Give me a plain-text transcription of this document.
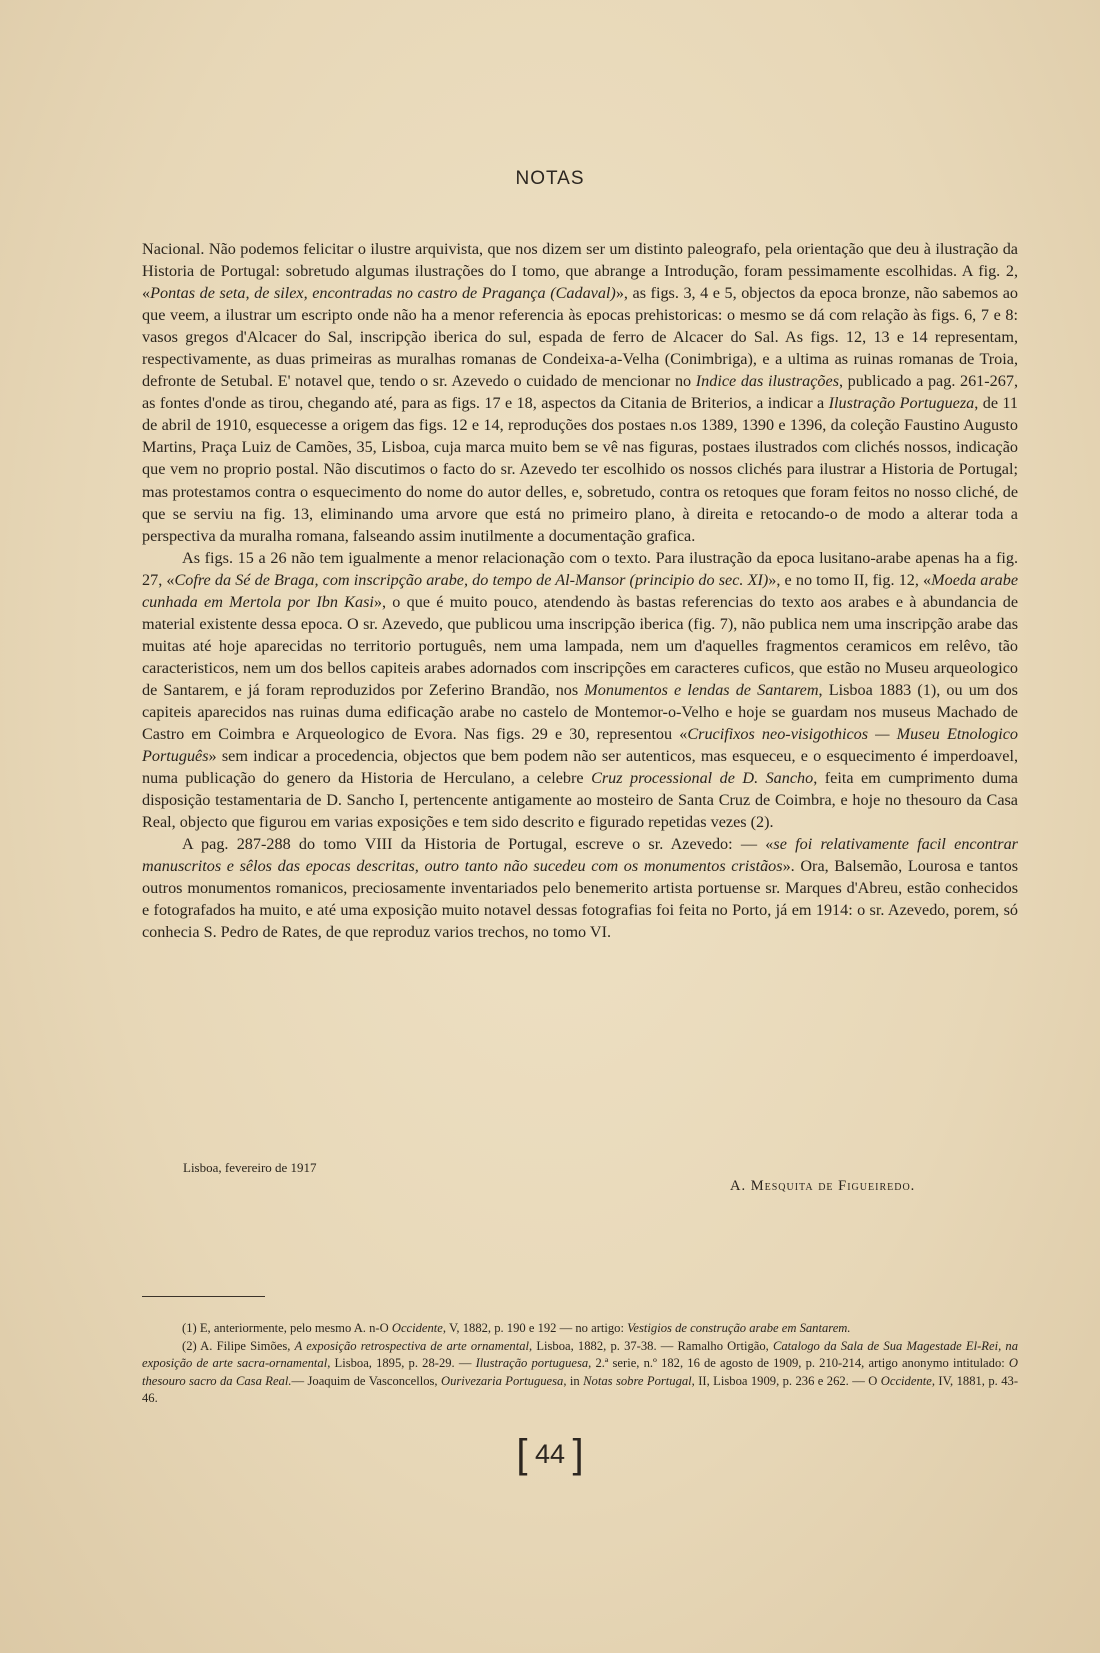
NOTAS

Nacional. Não podemos felicitar o ilustre arquivista, que nos dizem ser um distinto paleografo, pela orientação que deu à ilustração da Historia de Portugal: sobretudo algumas ilustrações do I tomo, que abrange a Introdução, foram pessimamente escolhidas. A fig. 2, «Pontas de seta, de silex, encontradas no castro de Pragança (Cadaval)», as figs. 3, 4 e 5, objectos da epoca bronze, não sabemos ao que veem, a ilustrar um escripto onde não ha a menor referencia às epocas prehistoricas: o mesmo se dá com relação às figs. 6, 7 e 8: vasos gregos d'Alcacer do Sal, inscripção iberica do sul, espada de ferro de Alcacer do Sal. As figs. 12, 13 e 14 representam, respectivamente, as duas primeiras as muralhas romanas de Condeixa-a-Velha (Conimbriga), e a ultima as ruinas romanas de Troia, defronte de Setubal. E' notavel que, tendo o sr. Azevedo o cuidado de mencionar no Indice das ilustrações, publicado a pag. 261-267, as fontes d'onde as tirou, chegando até, para as figs. 17 e 18, aspectos da Citania de Briterios, a indicar a Ilustração Portugueza, de 11 de abril de 1910, esquecesse a origem das figs. 12 e 14, reproduções dos postaes n.os 1389, 1390 e 1396, da coleção Faustino Augusto Martins, Praça Luiz de Camões, 35, Lisboa, cuja marca muito bem se vê nas figuras, postaes ilustrados com clichés nossos, indicação que vem no proprio postal. Não discutimos o facto do sr. Azevedo ter escolhido os nossos clichés para ilustrar a Historia de Portugal; mas protestamos contra o esquecimento do nome do autor delles, e, sobretudo, contra os retoques que foram feitos no nosso cliché, de que se serviu na fig. 13, eliminando uma arvore que está no primeiro plano, à direita e retocando-o de modo a alterar toda a perspectiva da muralha romana, falseando assim inutilmente a documentação grafica.

As figs. 15 a 26 não tem igualmente a menor relacionação com o texto. Para ilustração da epoca lusitano-arabe apenas ha a fig. 27, «Cofre da Sé de Braga, com inscripção arabe, do tempo de Al-Mansor (principio do sec. XI)», e no tomo II, fig. 12, «Moeda arabe cunhada em Mertola por Ibn Kasi», o que é muito pouco, atendendo às bastas referencias do texto aos arabes e à abundancia de material existente dessa epoca. O sr. Azevedo, que publicou uma inscripção iberica (fig. 7), não publica nem uma inscripção arabe das muitas até hoje aparecidas no territorio português, nem uma lampada, nem um d'aquelles fragmentos ceramicos em relêvo, tão caracteristicos, nem um dos bellos capiteis arabes adornados com inscripções em caracteres cuficos, que estão no Museu arqueologico de Santarem, e já foram reproduzidos por Zeferino Brandão, nos Monumentos e lendas de Santarem, Lisboa 1883 (1), ou um dos capiteis aparecidos nas ruinas duma edificação arabe no castelo de Montemor-o-Velho e hoje se guardam nos museus Machado de Castro em Coimbra e Arqueologico de Evora. Nas figs. 29 e 30, representou «Crucifixos neo-visigothicos — Museu Etnologico Português» sem indicar a procedencia, objectos que bem podem não ser autenticos, mas esqueceu, e o esquecimento é imperdoavel, numa publicação do genero da Historia de Herculano, a celebre Cruz processional de D. Sancho, feita em cumprimento duma disposição testamentaria de D. Sancho I, pertencente antigamente ao mosteiro de Santa Cruz de Coimbra, e hoje no thesouro da Casa Real, objecto que figurou em varias exposições e tem sido descrito e figurado repetidas vezes (2).

A pag. 287-288 do tomo VIII da Historia de Portugal, escreve o sr. Azevedo: — «se foi relativamente facil encontrar manuscritos e sêlos das epocas descritas, outro tanto não sucedeu com os monumentos cristãos». Ora, Balsemão, Lourosa e tantos outros monumentos romanicos, preciosamente inventariados pelo benemerito artista portuense sr. Marques d'Abreu, estão conhecidos e fotografados ha muito, e até uma exposição muito notavel dessas fotografias foi feita no Porto, já em 1914: o sr. Azevedo, porem, só conhecia S. Pedro de Rates, de que reproduz varios trechos, no tomo VI.

Lisboa, fevereiro de 1917
A. Mesquita de Figueiredo.

(1) E, anteriormente, pelo mesmo A. n-O Occidente, V, 1882, p. 190 e 192 — no artigo: Vestigios de construção arabe em Santarem.

(2) A. Filipe Simões, A exposição retrospectiva de arte ornamental, Lisboa, 1882, p. 37-38. — Ramalho Ortigão, Catalogo da Sala de Sua Magestade El-Rei, na exposição de arte sacra-ornamental, Lisboa, 1895, p. 28-29. — Ilustração portuguesa, 2.ª serie, n.º 182, 16 de agosto de 1909, p. 210-214, artigo anonymo intitulado: O thesouro sacro da Casa Real.— Joaquim de Vasconcellos, Ourivezaria Portuguesa, in Notas sobre Portugal, II, Lisboa 1909, p. 236 e 262. — O Occidente, IV, 1881, p. 43-46.

[ 44 ]
